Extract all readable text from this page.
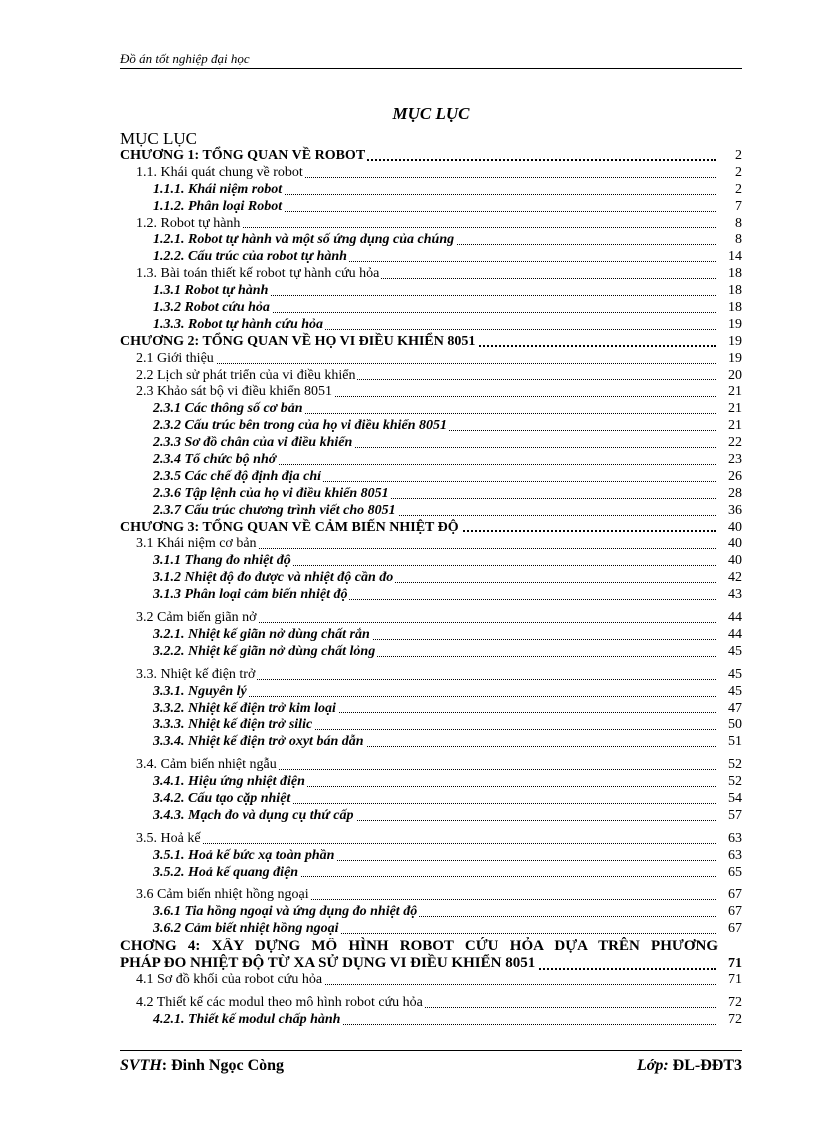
Đồ án tốt nghiệp đại học
MỤC LỤC
MỤC LỤC
CHƯƠNG 1: TỔNG QUAN VỀ ROBOT	2
1.1. Khái quát chung về robot	2
1.1.1. Khái niệm robot	2
1.1.2. Phân loại Robot	7
1.2. Robot tự hành	8
1.2.1. Robot tự hành và một số ứng dụng của chúng	8
1.2.2. Cấu trúc của robot tự hành	14
1.3. Bài toán thiết kế robot tự hành cứu hỏa	18
1.3.1 Robot tự hành	18
1.3.2 Robot cứu hỏa	18
1.3.3. Robot tự hành cứu hỏa	19
CHƯƠNG 2: TỔNG QUAN VỀ HỌ VI ĐIỀU KHIỂN 8051	19
2.1 Giới thiệu	19
2.2 Lịch sử phát triển của vi điều khiển	20
2.3 Khảo sát bộ vi điều khiển 8051	21
2.3.1 Các thông số cơ bản	21
2.3.2 Cấu trúc bên trong của họ vi điều khiển 8051	21
2.3.3 Sơ đồ chân của vi điều khiển	22
2.3.4 Tổ chức bộ nhớ	23
2.3.5 Các chế độ định địa chỉ	26
2.3.6 Tập lệnh của họ vi điều khiển 8051	28
2.3.7 Cấu trúc chương trình viết cho 8051	36
CHƯƠNG 3: TỔNG QUAN VỀ CẢM BIẾN NHIỆT ĐỘ	40
3.1 Khái niệm cơ bản	40
3.1.1 Thang đo nhiệt độ	40
3.1.2 Nhiệt độ đo được và nhiệt độ cần đo	42
3.1.3 Phân loại cảm biến nhiệt độ	43
3.2 Cảm biến giãn nở	44
3.2.1. Nhiệt kế giãn nở dùng chất rắn	44
3.2.2. Nhiệt kế giãn nở dùng chất lỏng	45
3.3. Nhiệt kế điện trở	45
3.3.1. Nguyên lý	45
3.3.2. Nhiệt kế điện trở kim loại	47
3.3.3. Nhiệt kế điện trở silic	50
3.3.4. Nhiệt kế điện trở oxyt bán dẫn	51
3.4. Cảm biến nhiệt ngẫu	52
3.4.1. Hiệu ứng nhiệt điện	52
3.4.2. Cấu tạo cặp nhiệt	54
3.4.3. Mạch đo và dụng cụ thứ cấp	57
3.5. Hoả kế	63
3.5.1. Hoả kế bức xạ toàn phần	63
3.5.2. Hoả kế quang điện	65
3.6 Cảm biến nhiệt hồng ngoại	67
3.6.1 Tia hồng ngoại và ứng dụng đo nhiệt độ	67
3.6.2 Cảm biết nhiệt hồng ngoại	67
CHƠNG 4: XÂY DỰNG MÔ HÌNH ROBOT CỨU HỎA DỰA TRÊN PHƯƠNG
PHÁP ĐO NHIỆT ĐỘ TỪ XA SỬ DỤNG VI ĐIỀU KHIỂN 8051	71
4.1 Sơ đồ khối của robot cứu hỏa	71
4.2 Thiết kế các modul theo mô hình robot cứu hỏa	72
4.2.1. Thiết kế modul chấp hành	72
SVTH: Đinh Ngọc Còng	Lớp: ĐL-ĐĐT3
